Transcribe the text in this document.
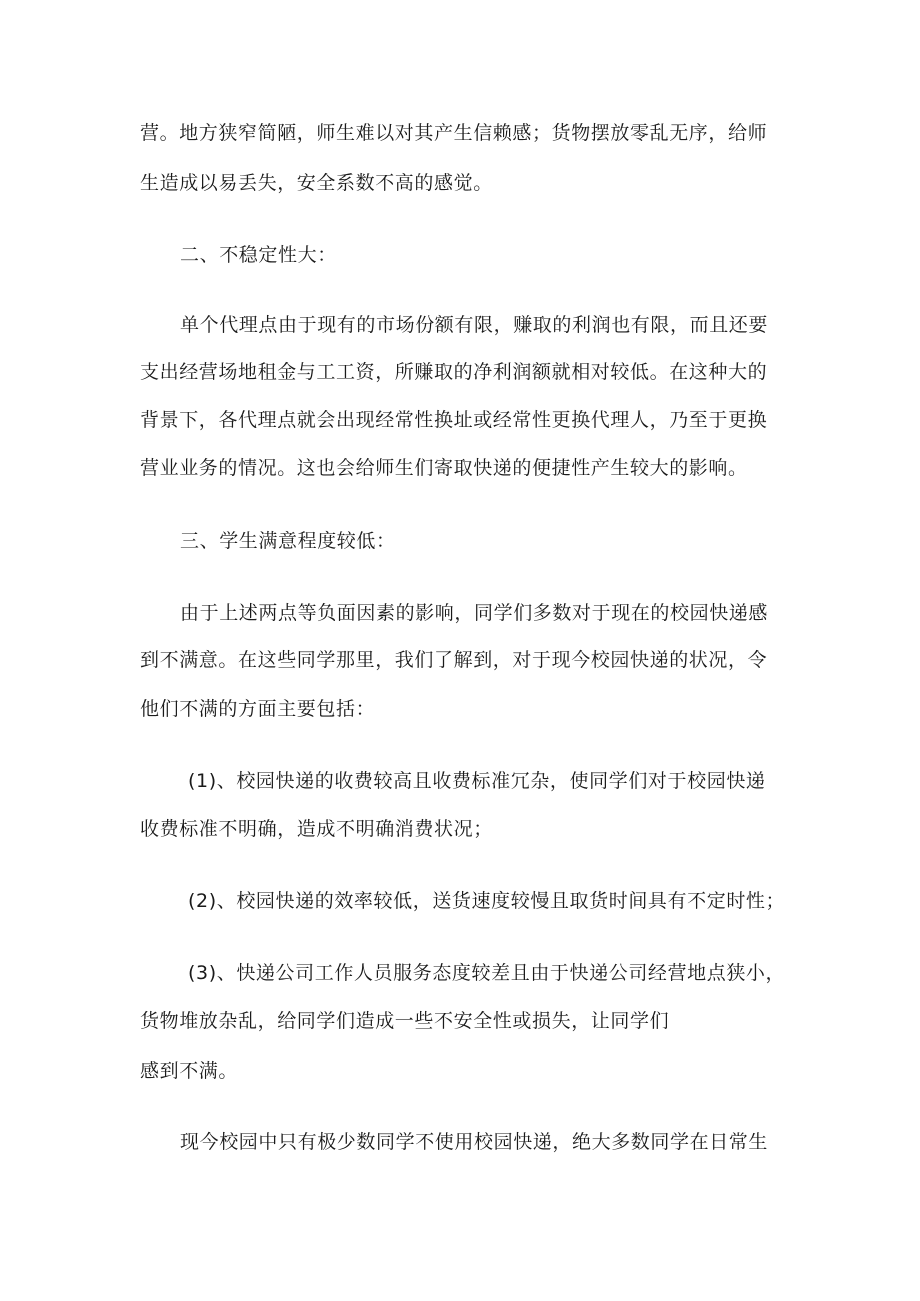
营。地方狭窄简陋，师生难以对其产生信赖感；货物摆放零乱无序，给师
生造成以易丢失，安全系数不高的感觉。
二、不稳定性大：
单个代理点由于现有的市场份额有限，赚取的利润也有限，而且还要
支出经营场地租金与工工资，所赚取的净利润额就相对较低。在这种大的
背景下，各代理点就会出现经常性换址或经常性更换代理人，乃至于更换
营业业务的情况。这也会给师生们寄取快递的便捷性产生较大的影响。
三、学生满意程度较低：
由于上述两点等负面因素的影响，同学们多数对于现在的校园快递感
到不满意。在这些同学那里，我们了解到，对于现今校园快递的状况，令
他们不满的方面主要包括：
(1)、校园快递的收费较高且收费标准冗杂，使同学们对于校园快递
收费标准不明确，造成不明确消费状况；
(2)、校园快递的效率较低，送货速度较慢且取货时间具有不定时性；
(3)、快递公司工作人员服务态度较差且由于快递公司经营地点狭小，
货物堆放杂乱，给同学们造成一些不安全性或损失，让同学们
感到不满。
现今校园中只有极少数同学不使用校园快递，绝大多数同学在日常生
